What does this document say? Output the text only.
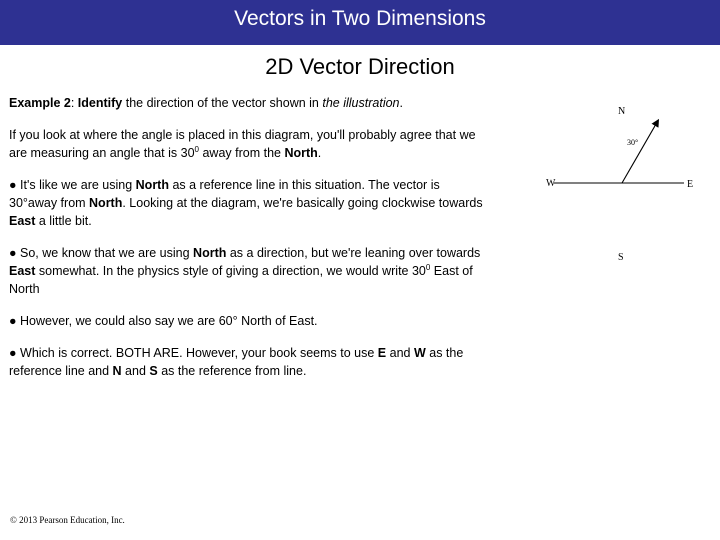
Vectors in Two Dimensions
2D Vector Direction

Example 2: Identify the direction of the vector shown in the illustration.

If you look at where the angle is placed in this diagram, you'll probably agree that we
are measuring an angle that is $30^0$ away from the North.

● It's like we are using North as a reference line in this situation. The vector is
30°away from North. Looking at the diagram, we're basically going clockwise towards
East a little bit.

● So, we know that we are using North as a direction, but we're leaning over towards
East somewhat. In the physics style of giving a direction, we would write $30^0$ East of
North

● However, we could also say we are 60° North of East.

● Which is correct. BOTH ARE. However, your book seems to use E and W as the
reference line and N and S as the reference from line.

N
S
W	E
30°
© 2013 Pearson Education, Inc.
